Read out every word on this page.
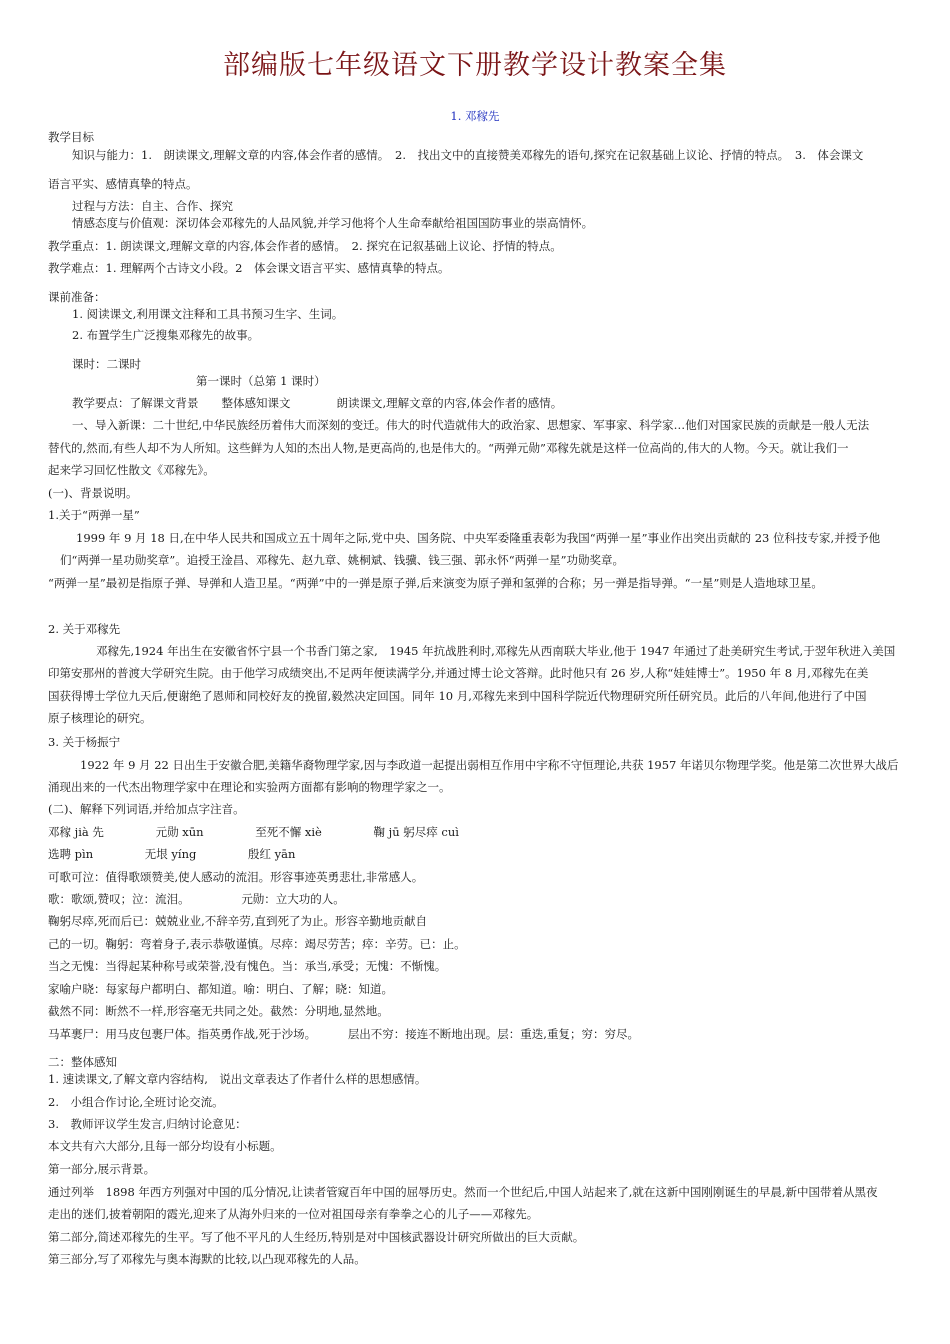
部编版七年级语文下册教学设计教案全集
1. 邓稼先
教学目标
知识与能力：1.　朗读课文,理解文章的内容,体会作者的感情。　2.　找出文中的直接赞美邓稼先的语句,探究在记叙基础上议论、抒情的特点。　3.　体会课文
语言平实、感情真挚的特点。
过程与方法：自主、合作、探究
情感态度与价值观：深切体会邓稼先的人品风貌,并学习他将个人生命奉献给祖国国防事业的崇高情怀。
教学重点：1. 朗读课文,理解文章的内容,体会作者的感情。　2. 探究在记叙基础上议论、抒情的特点。
教学难点：1. 理解两个古诗文小段。2　体会课文语言平实、感情真挚的特点。
课前准备：
1. 阅读课文,利用课文注释和工具书预习生字、生词。
2. 布置学生广泛搜集邓稼先的故事。
课时：二课时
第一课时（总第 1 课时）
教学要点：了解课文背景　　整体感知课文　　　　朗读课文,理解文章的内容,体会作者的感情。
一、导入新课：二十世纪,中华民族经历着伟大而深刻的变迁。伟大的时代造就伟大的政治家、思想家、军事家、科学家…他们对国家民族的贡献是一般人无法
替代的,然而,有些人却不为人所知。这些鲜为人知的杰出人物,是更高尚的,也是伟大的。“两弹元勋”邓稼先就是这样一位高尚的,伟大的人物。今天。就让我们一
起来学习回忆性散文《邓稼先》。
(一)、背景说明。
1.关于“两弹一星”
1999 年 9 月 18 日,在中华人民共和国成立五十周年之际,党中央、国务院、中央军委隆重表彰为我国“两弹一星”事业作出突出贡献的 23 位科技专家,并授予他
们“两弹一星功勋奖章”。追授王淦昌、邓稼先、赵九章、姚桐斌、钱骥、钱三强、郭永怀“两弹一星”功勋奖章。
“两弹一星”最初是指原子弹、导弹和人造卫星。“两弹”中的一弹是原子弹,后来演变为原子弹和氢弹的合称；另一弹是指导弹。“一星”则是人造地球卫星。
2. 关于邓稼先
邓稼先,1924 年出生在安徽省怀宁县一个书香门第之家,　1945 年抗战胜利时,邓稼先从西南联大毕业,他于 1947 年通过了赴美研究生考试,于翌年秋进入美国
印第安那州的普渡大学研究生院。由于他学习成绩突出,不足两年便读满学分,并通过博士论文答辩。此时他只有 26 岁,人称“娃娃博士”。1950 年 8 月,邓稼先在美
国获得博士学位九天后,便谢绝了恩师和同校好友的挽留,毅然决定回国。同年 10 月,邓稼先来到中国科学院近代物理研究所任研究员。此后的八年间,他进行了中国
原子核理论的研究。
3. 关于杨振宁
1922 年 9 月 22 日出生于安徽合肥,美籍华裔物理学家,因与李政道一起提出弱相互作用中宇称不守恒理论,共获 1957 年诺贝尔物理学奖。他是第二次世界大战后
涌现出来的一代杰出物理学家中在理论和实验两方面都有影响的物理学家之一。
(二)、解释下列词语,并给加点字注音。
邓稼 jià 先	元勋 xūn	至死不懈 xiè	鞠 jū 躬尽瘁 cuì
选聘 pìn	无垠 yíng	殷红 yān
可歌可泣：值得歌颂赞美,使人感动的流泪。形容事迹英勇悲壮,非常感人。
歌：歌颂,赞叹；泣：流泪。	元勋：立大功的人。
鞠躬尽瘁,死而后已：兢兢业业,不辞辛劳,直到死了为止。形容辛勤地贡献自
己的一切。鞠躬：弯着身子,表示恭敬谨慎。尽瘁：竭尽劳苦；瘁：辛劳。已：止。
当之无愧：当得起某种称号或荣誉,没有愧色。当：承当,承受；无愧：不惭愧。
家喻户晓：每家每户都明白、都知道。喻：明白、了解；晓：知道。
截然不同：断然不一样,形容毫无共同之处。截然：分明地,显然地。
马革裹尸：用马皮包裹尸体。指英勇作战,死于沙场。	层出不穷：接连不断地出现。层：重迭,重复；穷：穷尽。
二：整体感知
1. 速读课文,了解文章内容结构,　说出文章表达了作者什么样的思想感情。
2.　小组合作讨论,全班讨论交流。
3.　教师评议学生发言,归纳讨论意见：
本文共有六大部分,且每一部分均设有小标题。
第一部分,展示背景。
通过列举　1898 年西方列强对中国的瓜分情况,让读者管窥百年中国的屈辱历史。然而一个世纪后,中国人站起来了,就在这新中国刚刚诞生的早晨,新中国带着从黑夜
走出的迷们,披着朝阳的霞光,迎来了从海外归来的一位对祖国母亲有拳拳之心的儿子——邓稼先。
第二部分,简述邓稼先的生平。写了他不平凡的人生经历,特别是对中国核武器设计研究所做出的巨大贡献。
第三部分,写了邓稼先与奥本海默的比较,以凸现邓稼先的人品。
